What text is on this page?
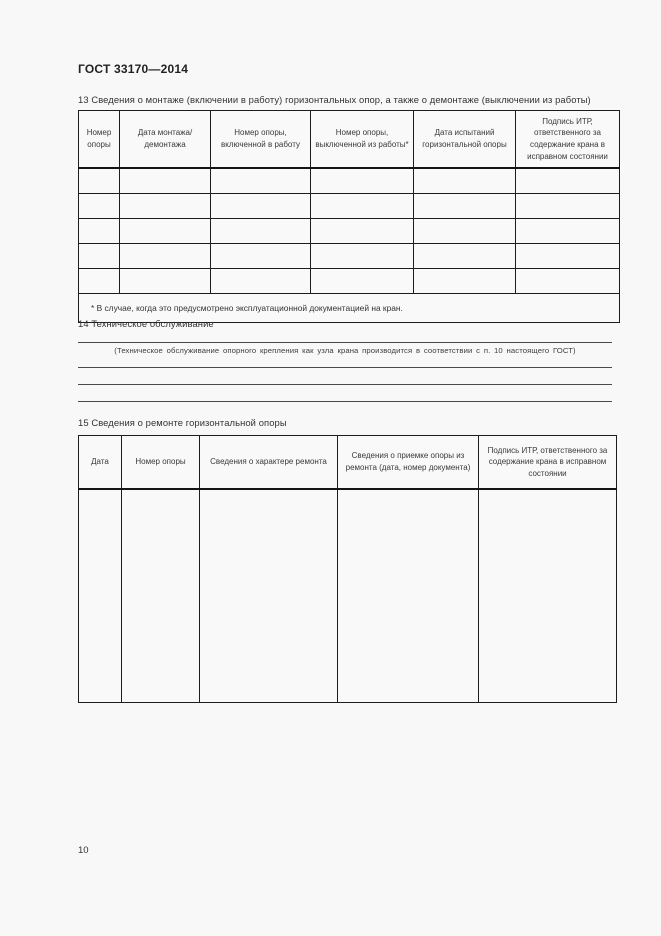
ГОСТ 33170—2014
13 Сведения о монтаже (включении в работу) горизонтальных опор, а также о демонтаже (выключении из работы)
Номер опоры	Дата монтажа/демонтажа	Номер опоры, включенной в работу	Номер опоры, выключенной из работы*	Дата испытаний горизонтальной опоры	Подпись ИТР, ответственного за содержание крана в исправном состоянии

* В случае, когда это предусмотрено эксплуатационной документацией на кран.					
14 Техническое обслуживание
(Техническое обслуживание опорного крепления как узла крана производится в соответствии с п. 10 настоящего ГОСТ)
15 Сведения о ремонте горизонтальной опоры
Дата	Номер опоры	Сведения о характере ремонта	Сведения о приемке опоры из ремонта (дата, номер документа)	Подпись ИТР, ответственного за содержание крана в исправном состоянии

10
